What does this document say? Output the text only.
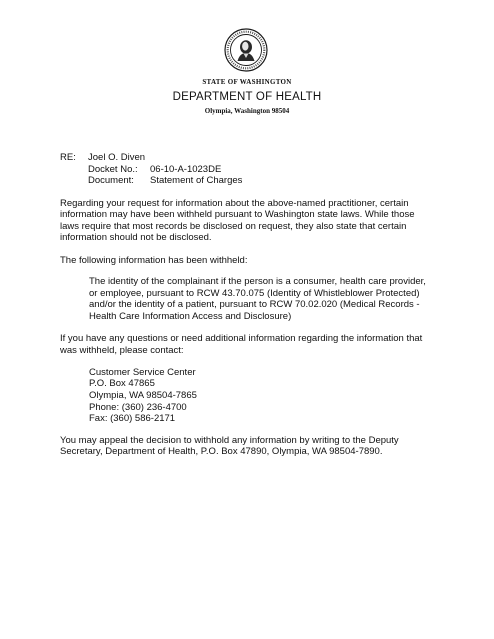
STATE OF WASHINGTON
DEPARTMENT OF HEALTH
Olympia, Washington 98504
RE: Joel O. Diven
Docket No.: 06-10-A-1023DE
Document: Statement of Charges
Regarding your request for information about the above-named practitioner, certain
information may have been withheld pursuant to Washington state laws. While those
laws require that most records be disclosed on request, they also state that certain
information should not be disclosed.
The following information has been withheld:
The identity of the complainant if the person is a consumer, health care provider,
or employee, pursuant to RCW 43.70.075 (Identity of Whistleblower Protected)
and/or the identity of a patient, pursuant to RCW 70.02.020 (Medical Records -
Health Care Information Access and Disclosure)
If you have any questions or need additional information regarding the information that
was withheld, please contact:
Customer Service Center
P.O. Box 47865
Olympia, WA 98504-7865
Phone: (360) 236-4700
Fax: (360) 586-2171
You may appeal the decision to withhold any information by writing to the Deputy
Secretary, Department of Health, P.O. Box 47890, Olympia, WA 98504-7890.
